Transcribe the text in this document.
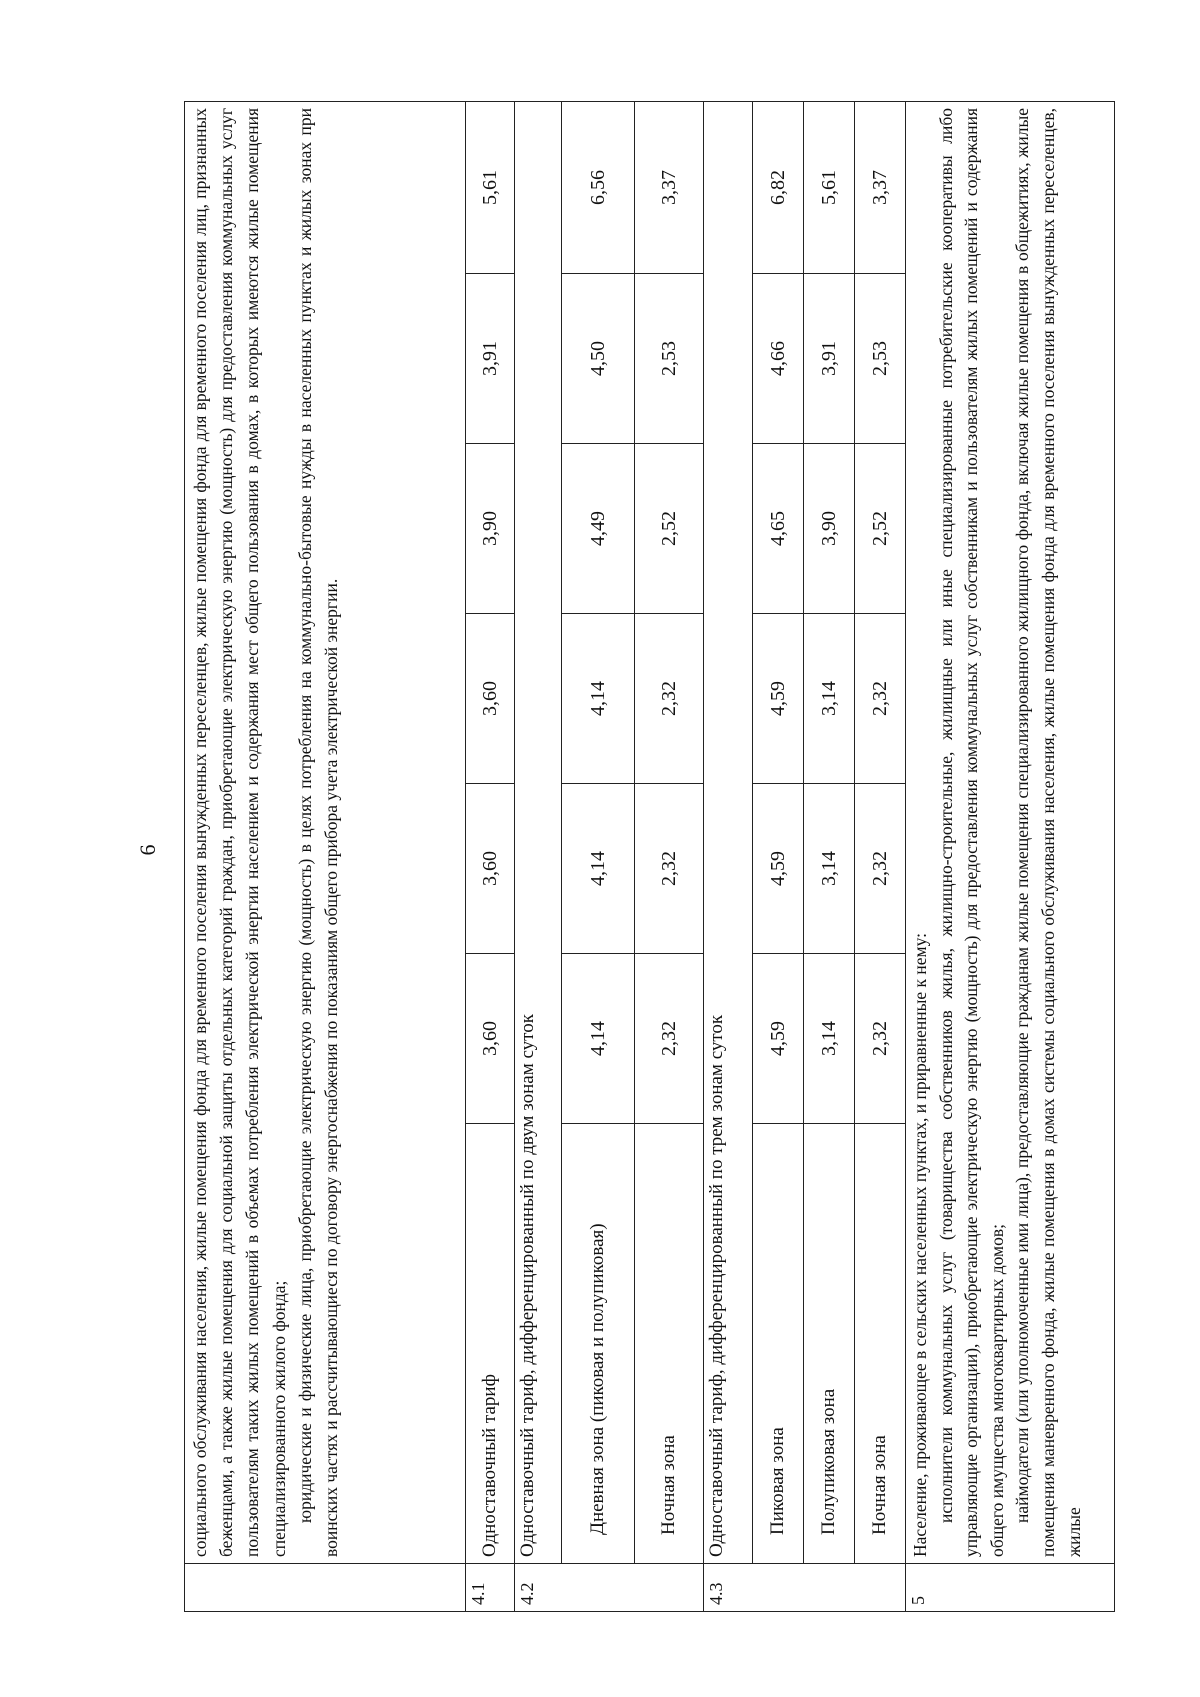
6

	социального обслуживания населения, жилые помещения фонда для временного поселения вынужденных переселенцев, жилые помещения фонда для временного поселения лиц, признанных беженцами, а также жилые помещения для социальной защиты отдельных категорий граждан, приобретающие электрическую энергию (мощность) для предоставления коммунальных услуг пользователям таких жилых помещений в объемах потребления электрической энергии населением и содержания мест общего пользования в домах, в которых имеются жилые помещения специализированного жилого фонда; юридические и физические лица, приобретающие электрическую энергию (мощность) в целях потребления на коммунально-бытовые нужды в населенных пунктах и жилых зонах при воинских частях и рассчитывающиеся по договору энергоснабжения по показаниям общего прибора учета электрической энергии.						

4.1	Одноставочный тариф	3,60	3,60	3,60	3,90	3,91	5,61
4.2	Одноставочный тариф, дифференцированный по двум зонам суток						
	Дневная зона (пиковая и полупиковая)	4,14	4,14	4,14	4,49	4,50	6,56
	Ночная зона	2,32	2,32	2,32	2,52	2,53	3,37
4.3	Одноставочный тариф, дифференцированный по трем зонам суток						
	Пиковая зона	4,59	4,59	4,59	4,65	4,66	6,82
	Полупиковая зона	3,14	3,14	3,14	3,90	3,91	5,61
	Ночная зона	2,32	2,32	2,32	2,52	2,53	3,37
5	Население, проживающее в сельских населенных пунктах, и приравненные к нему: исполнители коммунальных услуг (товарищества собственников жилья, жилищно-строительные, жилищные или иные специализированные потребительские кооперативы либо управляющие организации), приобретающие электрическую энергию (мощность) для предоставления коммунальных услуг собственникам и пользователям жилых помещений и содержания общего имущества многоквартирных домов; наймодатели (или уполномоченные ими лица), предоставляющие гражданам жилые помещения специализированного жилищного фонда, включая жилые помещения в общежитиях, жилые помещения маневренного фонда, жилые помещения в домах системы социального обслуживания населения, жилые помещения фонда для временного поселения вынужденных переселенцев, жилые						
